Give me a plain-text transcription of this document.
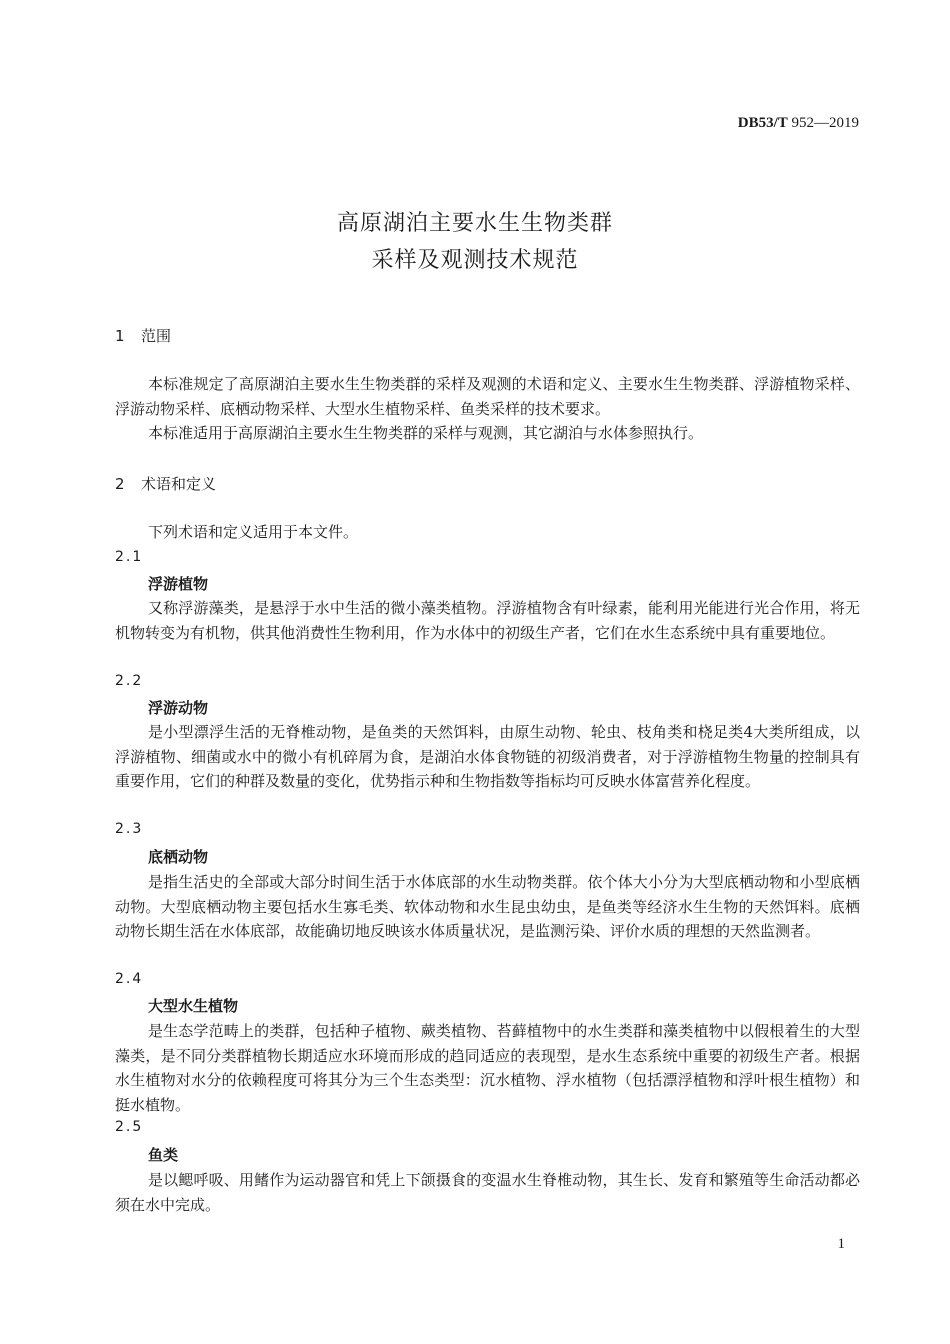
DB53/T 952—2019
高原湖泊主要水生生物类群
采样及观测技术规范
1 范围

本标准规定了高原湖泊主要水生生物类群的采样及观测的术语和定义、主要水生生物类群、浮游植物采样、浮游动物采样、底栖动物采样、大型水生植物采样、鱼类采样的技术要求。

本标准适用于高原湖泊主要水生生物类群的采样与观测，其它湖泊与水体参照执行。

2 术语和定义

下列术语和定义适用于本文件。

2.1
浮游植物

又称浮游藻类，是悬浮于水中生活的微小藻类植物。浮游植物含有叶绿素，能利用光能进行光合作用，将无机物转变为有机物，供其他消费性生物利用，作为水体中的初级生产者，它们在水生态系统中具有重要地位。

2.2
浮游动物

是小型漂浮生活的无脊椎动物，是鱼类的天然饵料，由原生动物、轮虫、枝角类和桡足类4大类所组成，以浮游植物、细菌或水中的微小有机碎屑为食，是湖泊水体食物链的初级消费者，对于浮游植物生物量的控制具有重要作用，它们的种群及数量的变化，优势指示种和生物指数等指标均可反映水体富营养化程度。

2.3
底栖动物

是指生活史的全部或大部分时间生活于水体底部的水生动物类群。依个体大小分为大型底栖动物和小型底栖动物。大型底栖动物主要包括水生寡毛类、软体动物和水生昆虫幼虫，是鱼类等经济水生生物的天然饵料。底栖动物长期生活在水体底部，故能确切地反映该水体质量状况，是监测污染、评价水质的理想的天然监测者。

2.4
大型水生植物

是生态学范畴上的类群，包括种子植物、蕨类植物、苔藓植物中的水生类群和藻类植物中以假根着生的大型藻类，是不同分类群植物长期适应水环境而形成的趋同适应的表现型，是水生态系统中重要的初级生产者。根据水生植物对水分的依赖程度可将其分为三个生态类型：沉水植物、浮水植物（包括漂浮植物和浮叶根生植物）和挺水植物。

2.5
鱼类

是以鳃呼吸、用鳍作为运动器官和凭上下颌摄食的变温水生脊椎动物，其生长、发育和繁殖等生命活动都必须在水中完成。

1
